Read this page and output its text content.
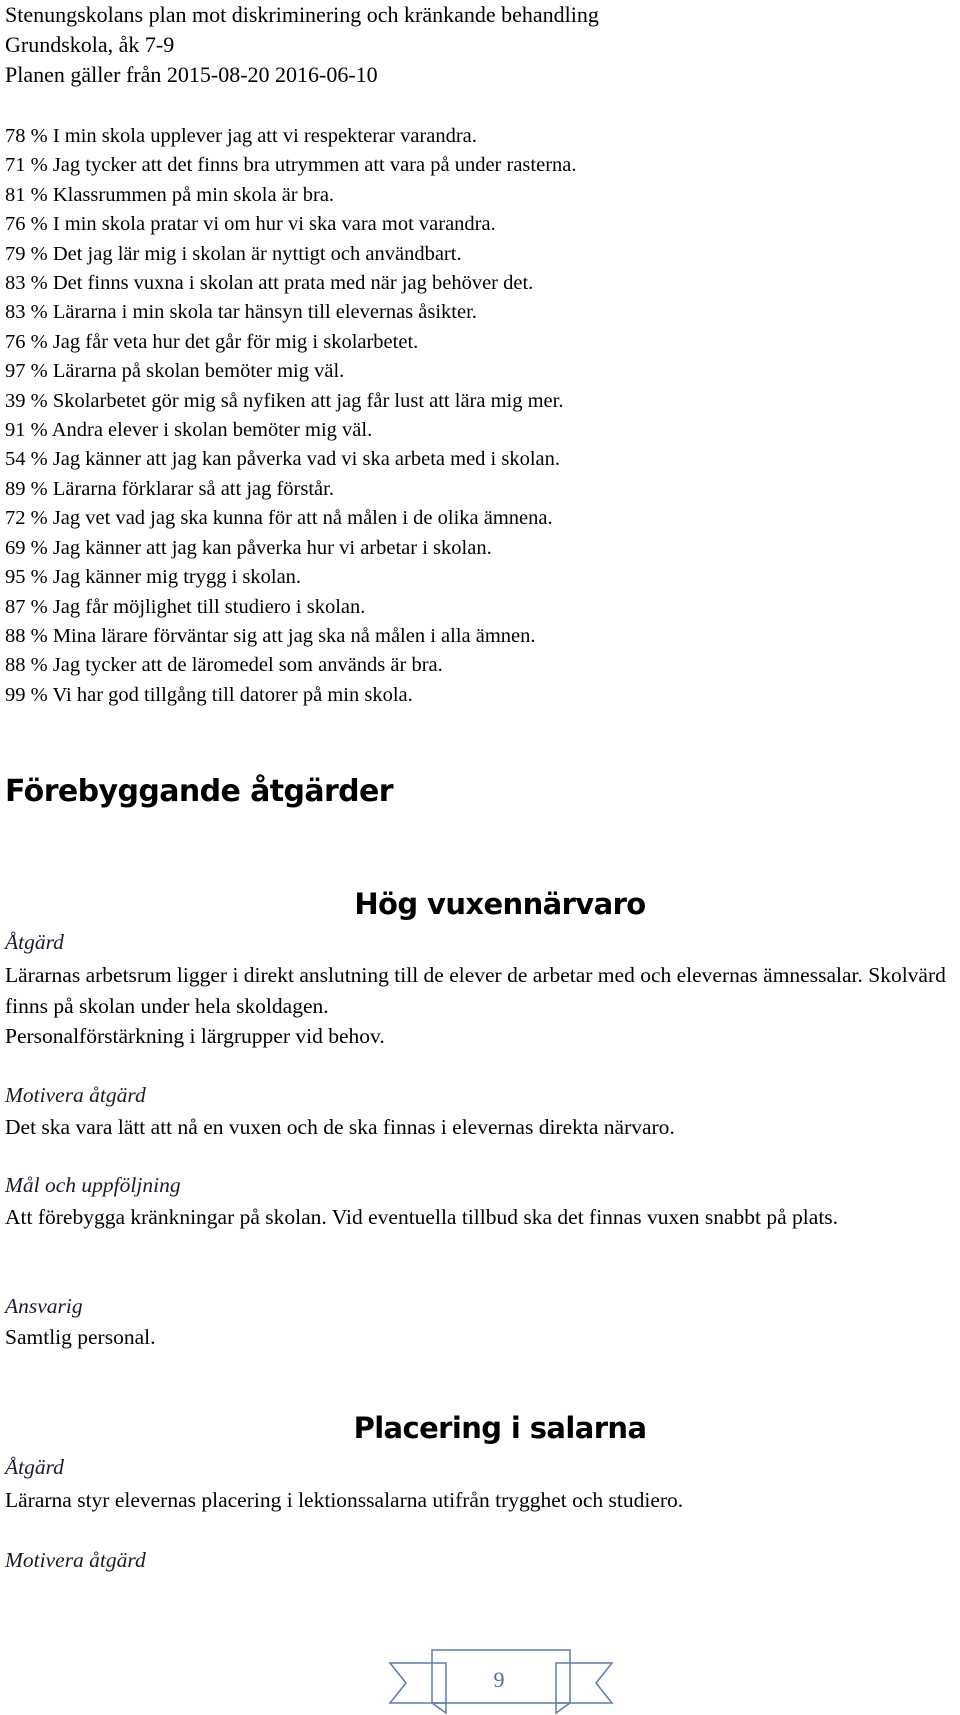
Stenungskolans plan mot diskriminering och kränkande behandling
Grundskola, åk 7-9
Planen gäller från 2015-08-20 2016-06-10
78 % I min skola upplever jag att vi respekterar varandra.
71 % Jag tycker att det finns bra utrymmen att vara på under rasterna.
81 % Klassrummen på min skola är bra.
76 % I min skola pratar vi om hur vi ska vara mot varandra.
79 % Det jag lär mig i skolan är nyttigt och användbart.
83 % Det finns vuxna i skolan att prata med när jag behöver det.
83 % Lärarna i min skola tar hänsyn till elevernas åsikter.
76 % Jag får veta hur det går för mig i skolarbetet.
97 % Lärarna på skolan bemöter mig väl.
39 % Skolarbetet gör mig så nyfiken att jag får lust att lära mig mer.
91 % Andra elever i skolan bemöter mig väl.
54 % Jag känner att jag kan påverka vad vi ska arbeta med i skolan.
89 % Lärarna förklarar så att jag förstår.
72 % Jag vet vad jag ska kunna för att nå målen i de olika ämnena.
69 % Jag känner att jag kan påverka hur vi arbetar i skolan.
95 % Jag känner mig trygg i skolan.
87 % Jag får möjlighet till studiero i skolan.
88 % Mina lärare förväntar sig att jag ska nå målen i alla ämnen.
88 % Jag tycker att de läromedel som används är bra.
99 % Vi har god tillgång till datorer på min skola.
Förebyggande åtgärder
Hög vuxennärvaro
Åtgärd
Lärarnas arbetsrum ligger i direkt anslutning till de elever de arbetar med och elevernas ämnessalar. Skolvärd finns på skolan under hela skoldagen.
Personalförstärkning i lärgrupper vid behov.
Motivera åtgärd
Det ska vara lätt att nå en vuxen och de ska finnas i elevernas direkta närvaro.
Mål och uppföljning
Att förebygga kränkningar på skolan. Vid eventuella tillbud ska det finnas vuxen snabbt på plats.
Ansvarig
Samtlig personal.
Placering i salarna
Åtgärd
Lärarna styr elevernas placering i lektionssalarna utifrån trygghet och studiero.
Motivera åtgärd
9
